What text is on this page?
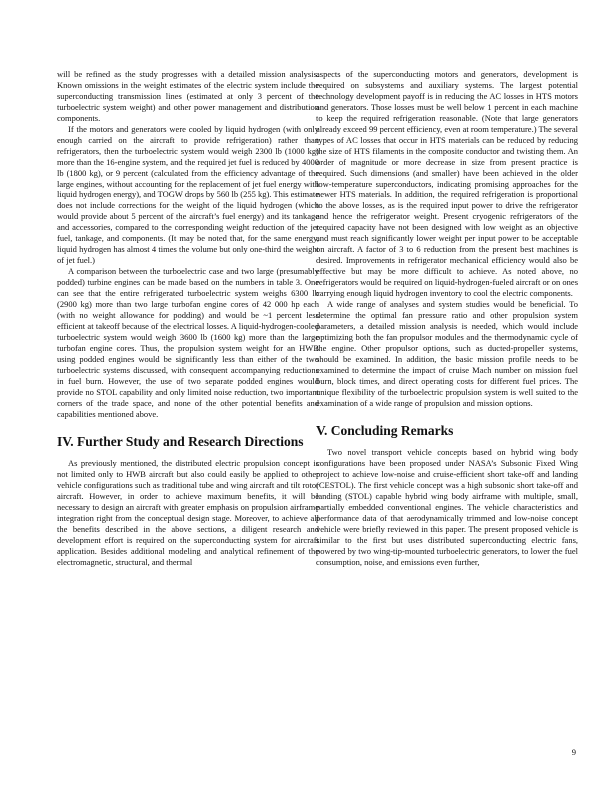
will be refined as the study progresses with a detailed mission analysis. Known omissions in the weight estimates of the electric system include the superconducting transmission lines (estimated at only 3 percent of the turboelectric system weight) and other power management and distribution components.

If the motors and generators were cooled by liquid hydrogen (with only enough carried on the aircraft to provide refrigeration) rather than refrigerators, then the turboelectric system would weigh 2300 lb (1000 kg) more than the 16-engine system, and the required jet fuel is reduced by 4000 lb (1800 kg), or 9 percent (calculated from the efficiency advantage of the large engines, without accounting for the replacement of jet fuel energy with liquid hydrogen energy), and TOGW drops by 560 lb (255 kg). This estimate does not include corrections for the weight of the liquid hydrogen (which would provide about 5 percent of the aircraft’s fuel energy) and its tankage and accessories, compared to the corresponding weight reduction of the jet fuel, tankage, and components. (It may be noted that, for the same energy, liquid hydrogen has almost 4 times the volume but only one-third the weight of jet fuel.)

A comparison between the turboelectric case and two large (presumably podded) turbine engines can be made based on the numbers in table 3. One can see that the entire refrigerated turboelectric system weighs 6300 lb (2900 kg) more than two large turbofan engine cores of 42 000 hp each (with no weight allowance for podding) and would be ~1 percent less efficient at takeoff because of the electrical losses. A liquid-hydrogen-cooled turboelectric system would weigh 3600 lb (1600 kg) more than the large turbofan engine cores. Thus, the propulsion system weight for an HWB using podded engines would be significantly less than either of the two turboelectric systems discussed, with consequent accompanying reductions in fuel burn. However, the use of two separate podded engines would provide no STOL capability and only limited noise reduction, two important corners of the trade space, and none of the other potential benefits and capabilities mentioned above.

IV. Further Study and Research Directions

As previously mentioned, the distributed electric propulsion concept is not limited only to HWB aircraft but also could easily be applied to other vehicle configurations such as traditional tube and wing aircraft and tilt rotor aircraft. However, in order to achieve maximum benefits, it will be necessary to design an aircraft with greater emphasis on propulsion airframe integration right from the conceptual design stage. Moreover, to achieve all the benefits described in the above sections, a diligent research and development effort is required on the superconducting system for aircraft application. Besides additional modeling and analytical refinement of the electromagnetic, structural, and thermal

aspects of the superconducting motors and generators, development is required on subsystems and auxiliary systems. The largest potential technology development payoff is in reducing the AC losses in HTS motors and generators. Those losses must be well below 1 percent in each machine to keep the required refrigeration reasonable. (Note that large generators already exceed 99 percent efficiency, even at room temperature.) The several types of AC losses that occur in HTS materials can be reduced by reducing the size of HTS filaments in the composite conductor and twisting them. An order of magnitude or more decrease in size from present practice is required. Such dimensions (and smaller) have been achieved in the older low-temperature superconductors, indicating promising approaches for the newer HTS materials. In addition, the required refrigeration is proportional to the above losses, as is the required input power to drive the refrigerator and hence the refrigerator weight. Present cryogenic refrigerators of the required capacity have not been designed with low weight as an objective and must reach significantly lower weight per input power to be acceptable on aircraft. A factor of 3 to 6 reduction from the present best machines is desired. Improvements in refrigerator mechanical efficiency would also be effective but may be more difficult to achieve. As noted above, no refrigerators would be required on liquid-hydrogen-fueled aircraft or on ones carrying enough liquid hydrogen inventory to cool the electric components.

A wide range of analyses and system studies would be beneficial. To determine the optimal fan pressure ratio and other propulsion system parameters, a detailed mission analysis is needed, which would include optimizing both the fan propulsor modules and the thermodynamic cycle of the engine. Other propulsor options, such as ducted-propeller systems, should be examined. In addition, the basic mission profile needs to be examined to determine the impact of cruise Mach number on mission fuel burn, block times, and direct operating costs for different fuel prices. The unique flexibility of the turboelectric propulsion system is well suited to the examination of a wide range of propulsion and mission options.

V. Concluding Remarks

Two novel transport vehicle concepts based on hybrid wing body configurations have been proposed under NASA’s Subsonic Fixed Wing project to achieve low-noise and cruise-efficient short take-off and landing (CESTOL). The first vehicle concept was a high subsonic short take-off and landing (STOL) capable hybrid wing body airframe with multiple, small, partially embedded conventional engines. The vehicle characteristics and performance data of that aerodynamically trimmed and low-noise concept vehicle were briefly reviewed in this paper. The present proposed vehicle is similar to the first but uses distributed superconducting electric fans, powered by two wing-tip-mounted turboelectric generators, to lower the fuel consumption, noise, and emissions even further,

9
